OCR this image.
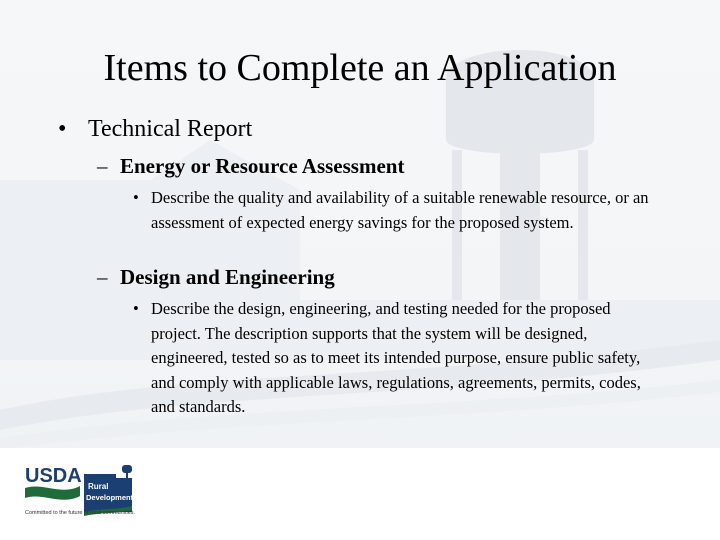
Items to Complete an Application
• Technical Report
– Energy or Resource Assessment
• Describe the quality and availability of a suitable renewable resource, or an assessment of expected energy savings for the proposed system.
– Design and Engineering
• Describe the design, engineering, and testing needed for the proposed project. The description supports that the system will be designed, engineered, tested so as to meet its intended purpose, ensure public safety, and comply with applicable laws, regulations, agreements, permits, codes, and standards.
USDA Rural
Development
Committed to the future of rural communities.
